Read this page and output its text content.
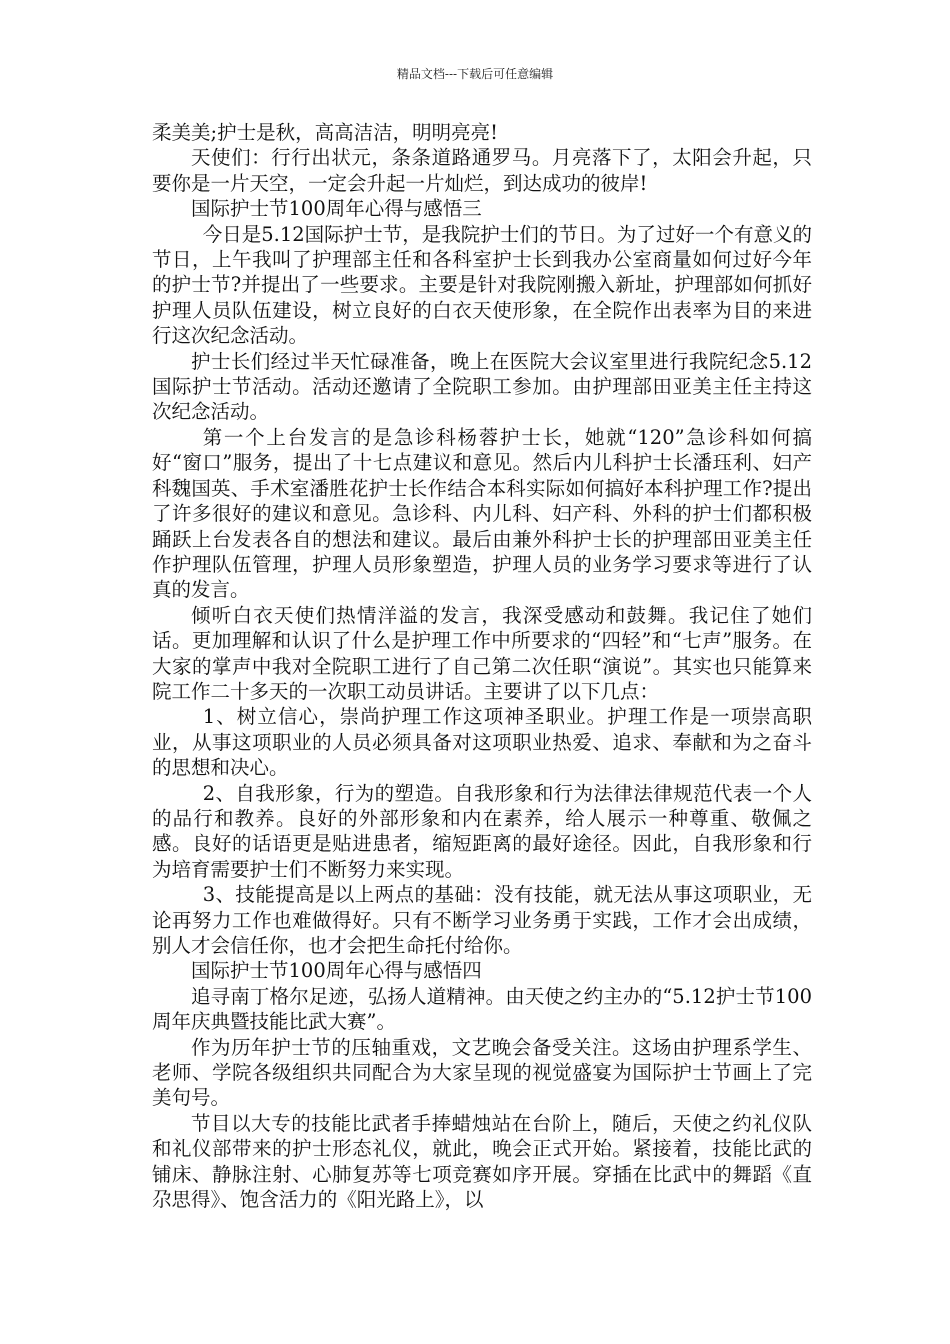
精品文档---下载后可任意编辑

柔美美;护士是秋，高高洁洁，明明亮亮!

天使们：行行出状元，条条道路通罗马。月亮落下了，太阳会升起，只要你是一片天空，一定会升起一片灿烂，到达成功的彼岸!

国际护士节100周年心得与感悟三

今日是5.12国际护士节，是我院护士们的节日。为了过好一个有意义的节日，上午我叫了护理部主任和各科室护士长到我办公室商量如何过好今年的护士节?并提出了一些要求。主要是针对我院刚搬入新址，护理部如何抓好护理人员队伍建设，树立良好的白衣天使形象，在全院作出表率为目的来进行这次纪念活动。

护士长们经过半天忙碌准备，晚上在医院大会议室里进行我院纪念5.12国际护士节活动。活动还邀请了全院职工参加。由护理部田亚美主任主持这次纪念活动。

第一个上台发言的是急诊科杨蓉护士长，她就“120”急诊科如何搞好“窗口”服务，提出了十七点建议和意见。然后内儿科护士长潘珏利、妇产科魏国英、手术室潘胜花护士长作结合本科实际如何搞好本科护理工作?提出了许多很好的建议和意见。急诊科、内儿科、妇产科、外科的护士们都积极踊跃上台发表各自的想法和建议。最后由兼外科护士长的护理部田亚美主任作护理队伍管理，护理人员形象塑造，护理人员的业务学习要求等进行了认真的发言。

倾听白衣天使们热情洋溢的发言，我深受感动和鼓舞。我记住了她们话。更加理解和认识了什么是护理工作中所要求的“四轻”和“七声”服务。在大家的掌声中我对全院职工进行了自己第二次任职“演说”。其实也只能算来院工作二十多天的一次职工动员讲话。主要讲了以下几点：

1、树立信心，崇尚护理工作这项神圣职业。护理工作是一项崇高职业，从事这项职业的人员必须具备对这项职业热爱、追求、奉献和为之奋斗的思想和决心。

2、自我形象，行为的塑造。自我形象和行为法律法律规范代表一个人的品行和教养。良好的外部形象和内在素养，给人展示一种尊重、敬佩之感。良好的话语更是贴进患者，缩短距离的最好途径。因此，自我形象和行为培育需要护士们不断努力来实现。

3、技能提高是以上两点的基础：没有技能，就无法从事这项职业，无论再努力工作也难做得好。只有不断学习业务勇于实践，工作才会出成绩，别人才会信任你，也才会把生命托付给你。

国际护士节100周年心得与感悟四

追寻南丁格尔足迹，弘扬人道精神。由天使之约主办的“5.12护士节100周年庆典暨技能比武大赛”。

作为历年护士节的压轴重戏，文艺晚会备受关注。这场由护理系学生、老师、学院各级组织共同配合为大家呈现的视觉盛宴为国际护士节画上了完美句号。

节目以大专的技能比武者手捧蜡烛站在台阶上，随后，天使之约礼仪队和礼仪部带来的护士形态礼仪，就此，晚会正式开始。紧接着，技能比武的铺床、静脉注射、心肺复苏等七项竞赛如序开展。穿插在比武中的舞蹈《直尕思得》、饱含活力的《阳光路上》，以
